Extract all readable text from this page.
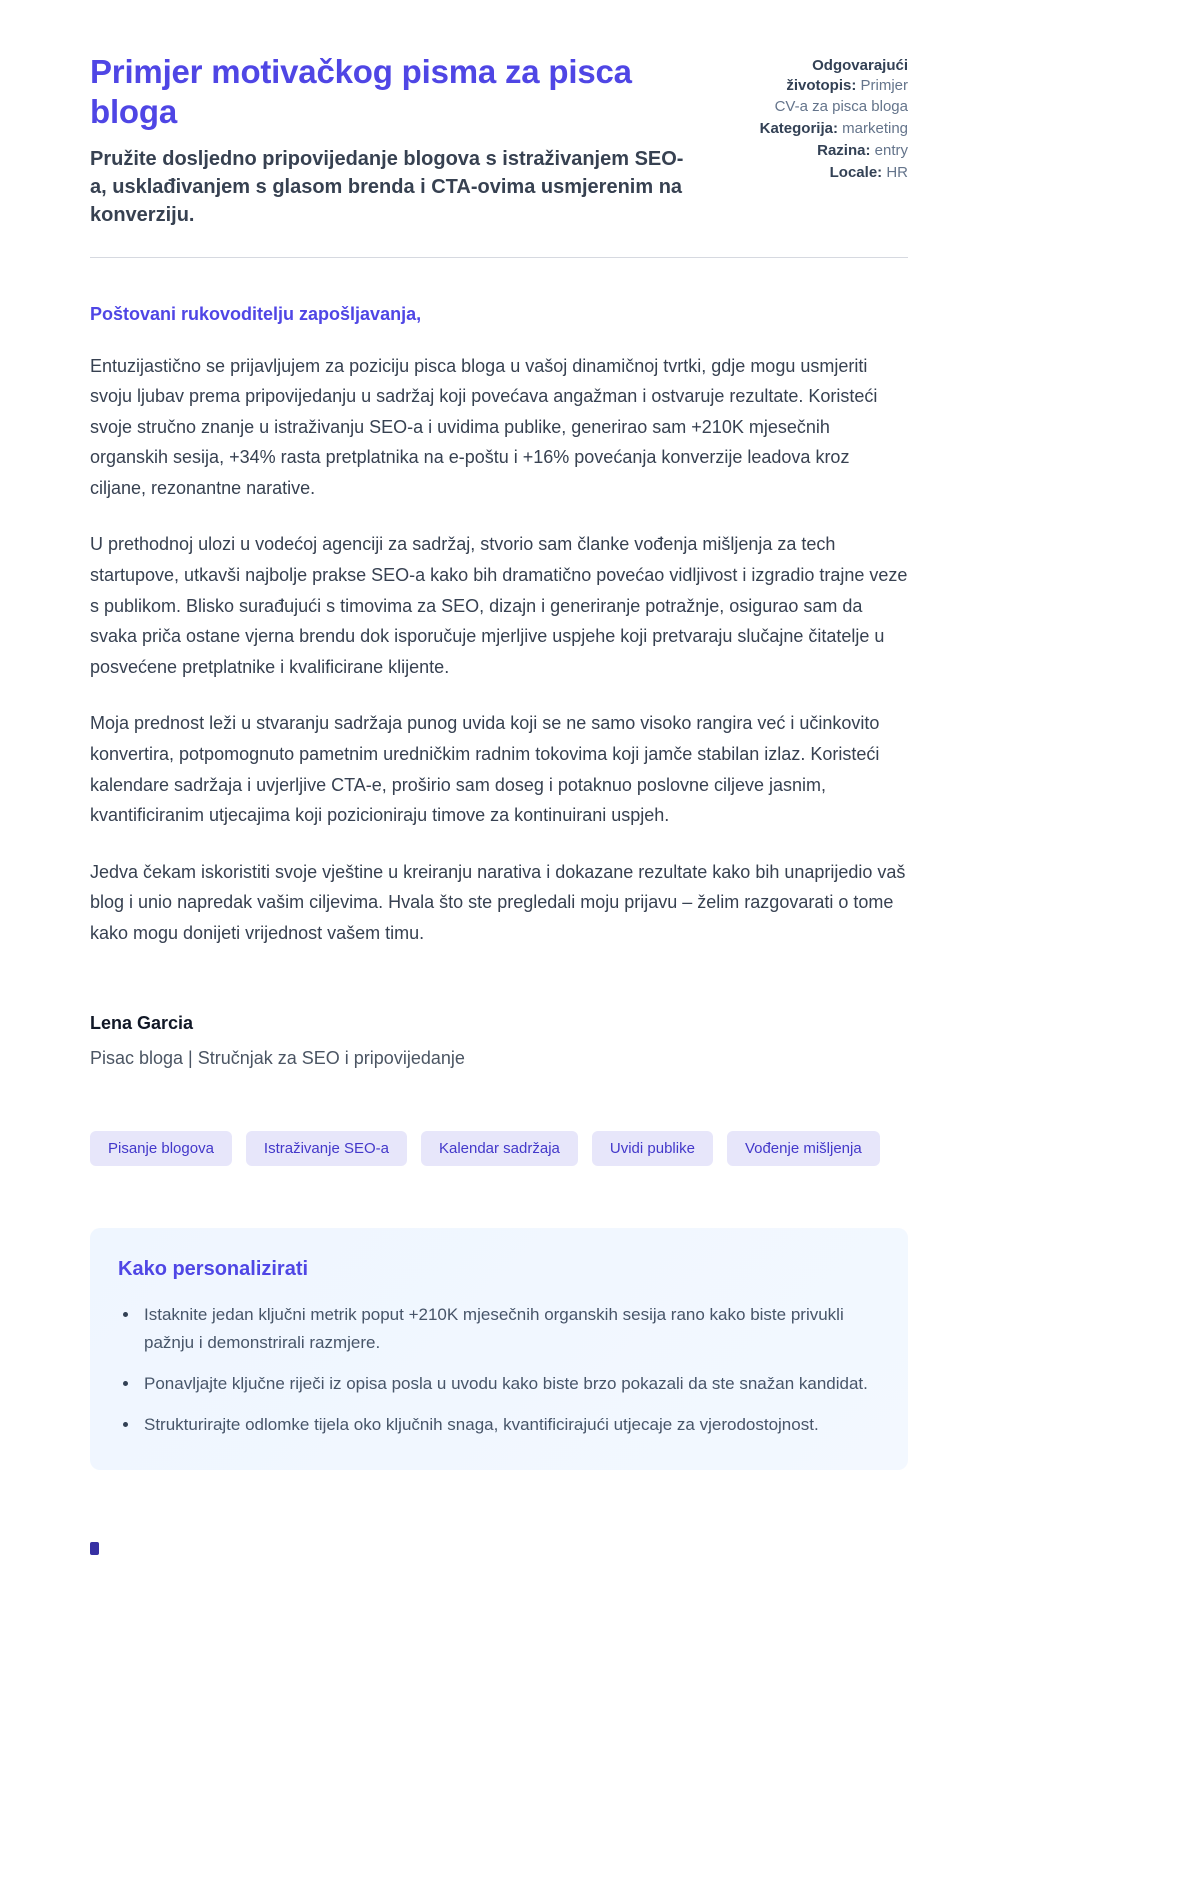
Primjer motivačkog pisma za pisca bloga

Pružite dosljedno pripovijedanje blogova s istraživanjem SEO-a, usklađivanjem s glasom brenda i CTA-ovima usmjerenim na konverziju.

Odgovarajući životopis: Primjer CV-a za pisca bloga

Kategorija: marketing

Razina: entry

Locale: HR

Poštovani rukovoditelju zapošljavanja,

Entuzijastično se prijavljujem za poziciju pisca bloga u vašoj dinamičnoj tvrtki, gdje mogu usmjeriti svoju ljubav prema pripovijedanju u sadržaj koji povećava angažman i ostvaruje rezultate. Koristeći svoje stručno znanje u istraživanju SEO-a i uvidima publike, generirao sam +210K mjesečnih organskih sesija, +34% rasta pretplatnika na e-poštu i +16% povećanja konverzije leadova kroz ciljane, rezonantne narative.

U prethodnoj ulozi u vodećoj agenciji za sadržaj, stvorio sam članke vođenja mišljenja za tech startupove, utkavši najbolje prakse SEO-a kako bih dramatično povećao vidljivost i izgradio trajne veze s publikom. Blisko surađujući s timovima za SEO, dizajn i generiranje potražnje, osigurao sam da svaka priča ostane vjerna brendu dok isporučuje mjerljive uspjehe koji pretvaraju slučajne čitatelje u posvećene pretplatnike i kvalificirane klijente.

Moja prednost leži u stvaranju sadržaja punog uvida koji se ne samo visoko rangira već i učinkovito konvertira, potpomognuto pametnim uredničkim radnim tokovima koji jamče stabilan izlaz. Koristeći kalendare sadržaja i uvjerljive CTA-e, proširio sam doseg i potaknuo poslovne ciljeve jasnim, kvantificiranim utjecajima koji pozicioniraju timove za kontinuirani uspjeh.

Jedva čekam iskoristiti svoje vještine u kreiranju narativa i dokazane rezultate kako bih unaprijedio vaš blog i unio napredak vašim ciljevima. Hvala što ste pregledali moju prijavu – želim razgovarati o tome kako mogu donijeti vrijednost vašem timu.

Lena Garcia

Pisac bloga | Stručnjak za SEO i pripovijedanje

Pisanje blogova	Istraživanje SEO-a	Kalendar sadržaja	Uvidi publike	Vođenje mišljenja
Kako personalizirati
• Istaknite jedan ključni metrik poput +210K mjesečnih organskih sesija rano kako biste privukli pažnju i demonstrirali razmjere.
• Ponavljajte ključne riječi iz opisa posla u uvodu kako biste brzo pokazali da ste snažan kandidat.
• Strukturirajte odlomke tijela oko ključnih snaga, kvantificirajući utjecaje za vjerodostojnost.
